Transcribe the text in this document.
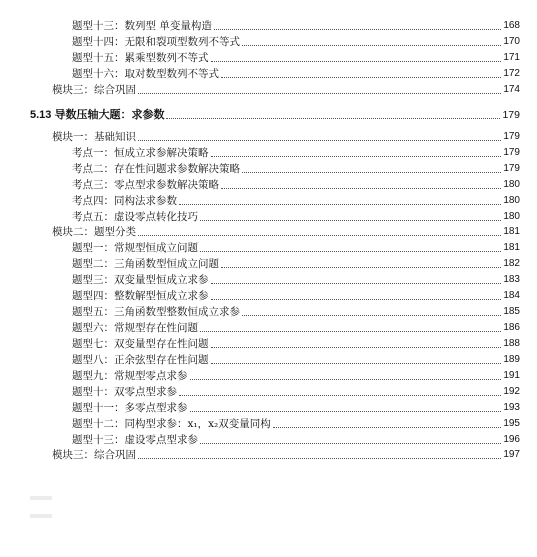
题型十三：数列型 单变量构造	168
题型十四：无限和裂项型数列不等式	170
题型十五：累乘型数列不等式	171
题型十六：取对数型数列不等式	172
模块三：综合巩固	174
5.13 导数压轴大题：求参数	179
模块一：基础知识	179
考点一：恒成立求参解决策略	179
考点二：存在性问题求参数解决策略	179
考点三：零点型求参数解决策略	180
考点四：同构法求参数	180
考点五：虚设零点转化技巧	180
模块二：题型分类	181
题型一：常规型恒成立问题	181
题型二：三角函数型恒成立问题	182
题型三：双变量型恒成立求参	183
题型四：整数解型恒成立求参	184
题型五：三角函数型整数恒成立求参	185
题型六：常规型存在性问题	186
题型七：双变量型存在性问题	188
题型八：正余弦型存在性问题	189
题型九：常规型零点求参	191
题型十：双零点型求参	192
题型十一：多零点型求参	193
题型十二：同构型求参：x₁，x₂双变量同构	195
题型十三：虚设零点型求参	196
模块三：综合巩固	197
